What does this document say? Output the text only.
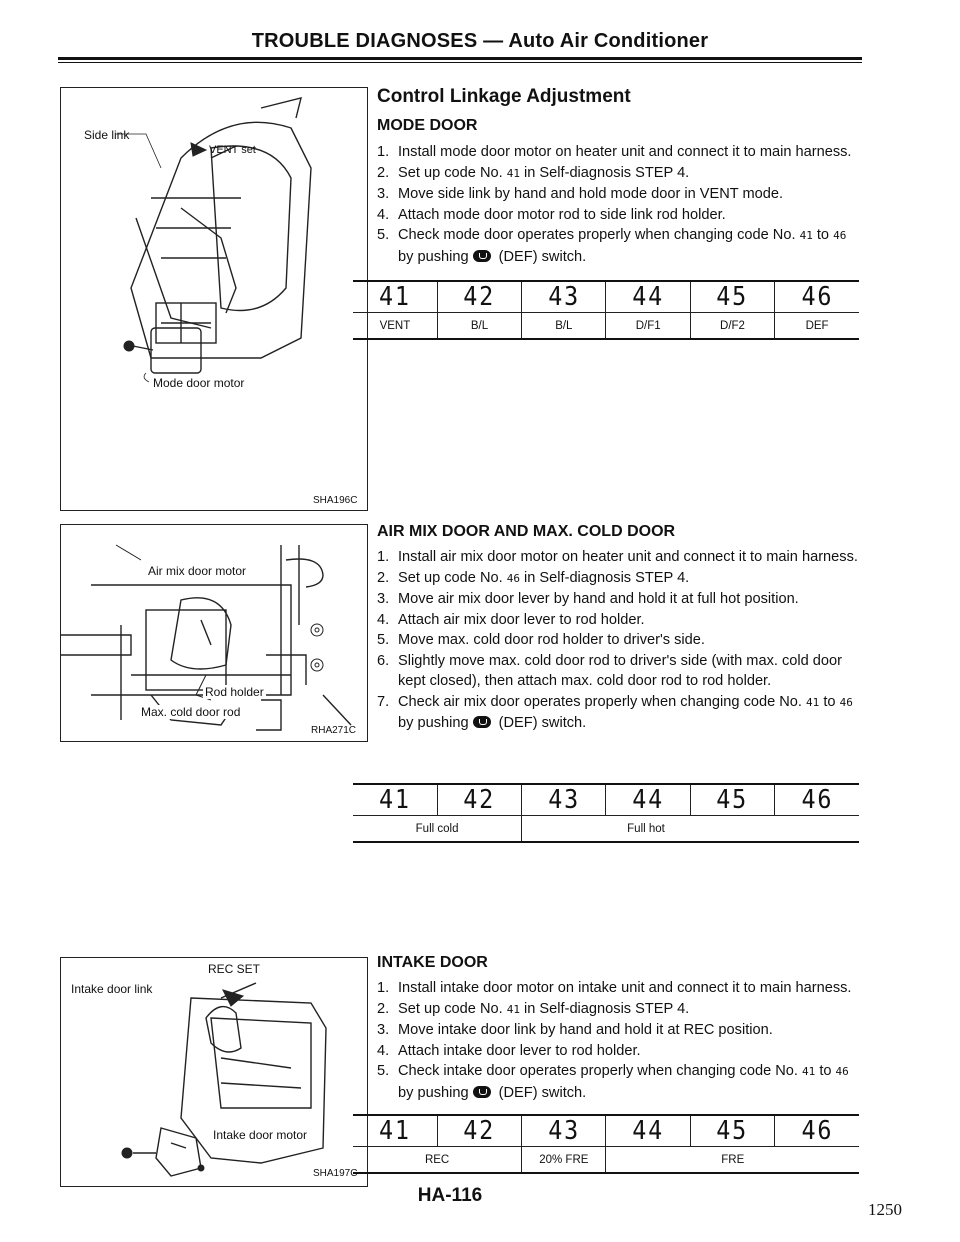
TROUBLE DIAGNOSES — Auto Air Conditioner
Side link
VENT set
Mode door motor
SHA196C
Air mix door motor
Rod holder
Max. cold door rod
RHA271C
REC SET
Intake door link
Intake door motor
SHA197C
Control Linkage Adjustment
MODE DOOR
1. Install mode door motor on heater unit and connect it to main harness.
2. Set up code No. 41 in Self-diagnosis STEP 4.
3. Move side link by hand and hold mode door in VENT mode.
4. Attach mode door motor rod to side link rod holder.
5. Check mode door operates properly when changing code No. 41 to 46 by pushing (DEF) switch.
41	42	43	44	45	46
VENT	B/L	B/L	D/F1	D/F2	DEF
AIR MIX DOOR AND MAX. COLD DOOR
1. Install air mix door motor on heater unit and connect it to main harness.
2. Set up code No. 46 in Self-diagnosis STEP 4.
3. Move air mix door lever by hand and hold it at full hot position.
4. Attach air mix door lever to rod holder.
5. Move max. cold door rod holder to driver's side.
6. Slightly move max. cold door rod to driver's side (with max. cold door kept closed), then attach max. cold door rod to rod holder.
7. Check air mix door operates properly when changing code No. 41 to 46 by pushing (DEF) switch.
41	42	43	44	45	46
Full cold		Full hot			
INTAKE DOOR
1. Install intake door motor on intake unit and connect it to main harness.
2. Set up code No. 41 in Self-diagnosis STEP 4.
3. Move intake door link by hand and hold it at REC position.
4. Attach intake door lever to rod holder.
5. Check intake door operates properly when changing code No. 41 to 46 by pushing (DEF) switch.
41	42	43	44	45	46
REC		20% FRE	FRE		
HA-116
1250
